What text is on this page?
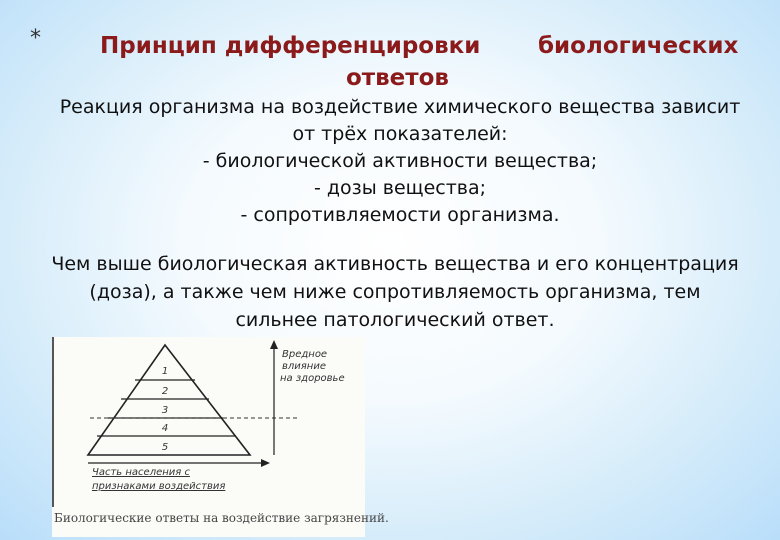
*	Принцип дифференцировки	биологических
ответов
Реакция организма на воздействие химического вещества зависит
от трёх показателей:
- биологической активности вещества;
- дозы вещества;
- сопротивляемости организма.
Чем выше биологическая активность вещества и его концентрация
(доза), а также чем ниже сопротивляемость организма, тем
сильнее патологический ответ.
1
2
3
4
5
Вредное
влияние
на здоровье
Часть населения с
признаками воздействия
Биологические ответы на воздействие загрязнений.
